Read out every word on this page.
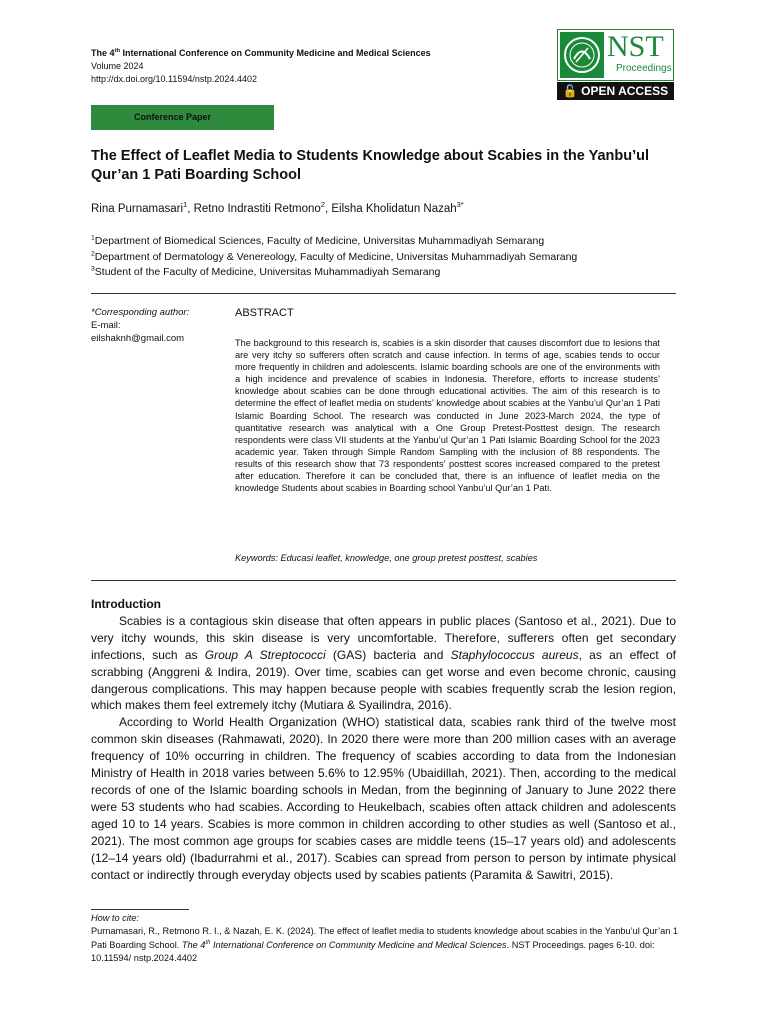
The 4th International Conference on Community Medicine and Medical Sciences
Volume 2024
http://dx.doi.org/10.11594/nstp.2024.4402
NST
Proceedings
🔓 OPEN ACCESS
Conference Paper
The Effect of Leaflet Media to Students Knowledge about Scabies in the Yanbu’ul Qur’an 1 Pati Boarding School
Rina Purnamasari$^1$, Retno Indrastiti Retmono$^2$, Eilsha Kholidatun Nazah$^{3*}$
$^1$Department of Biomedical Sciences, Faculty of Medicine, Universitas Muhammadiyah Semarang
$^2$Department of Dermatology & Venereology, Faculty of Medicine, Universitas Muhammadiyah Semarang
$^3$Student of the Faculty of Medicine, Universitas Muhammadiyah Semarang
*Corresponding author:
E-mail:
eilshaknh@gmail.com
ABSTRACT
The background to this research is, scabies is a skin disorder that causes discomfort due to lesions that are very itchy so sufferers often scratch and cause infection. In terms of age, scabies tends to occur more frequently in children and adolescents. Islamic boarding schools are one of the environments with a high incidence and prevalence of scabies in Indonesia. Therefore, efforts to increase students’ knowledge about scabies can be done through educational activities. The aim of this research is to determine the effect of leaflet media on students’ knowledge about scabies at the Yanbu’ul Qur’an 1 Pati Islamic Boarding School. The research was conducted in June 2023-March 2024, the type of quantitative research was analytical with a One Group Pretest-Posttest design. The research respondents were class VII students at the Yanbu’ul Qur’an 1 Pati Islamic Boarding School for the 2023 academic year. Taken through Simple Random Sampling with the inclusion of 88 respondents. The results of this research show that 73 respondents’ posttest scores increased compared to the pretest after education. Therefore it can be concluded that, there is an influence of leaflet media on the knowledge Students about scabies in Boarding school Yanbu’ul Qur’an 1 Pati.
Keywords: Educasi leaflet, knowledge, one group pretest posttest, scabies
Introduction

Scabies is a contagious skin disease that often appears in public places (Santoso et al., 2021). Due to very itchy wounds, this skin disease is very uncomfortable. Therefore, sufferers often get secondary infections, such as Group A Streptococci (GAS) bacteria and Staphylococcus aureus, as an effect of scrabbing (Anggreni & Indira, 2019). Over time, scabies can get worse and even become chronic, causing dangerous complications. This may happen because people with scabies frequently scrab the lesion region, which makes them feel extremely itchy (Mutiara & Syailindra, 2016).

According to World Health Organization (WHO) statistical data, scabies rank third of the twelve most common skin diseases (Rahmawati, 2020). In 2020 there were more than 200 million cases with an average frequency of 10% occurring in children. The frequency of scabies according to data from the Indonesian Ministry of Health in 2018 varies between 5.6% to 12.95% (Ubaidillah, 2021). Then, according to the medical records of one of the Islamic boarding schools in Medan, from the beginning of January to June 2022 there were 53 students who had scabies. According to Heukelbach, scabies often attack children and adolescents aged 10 to 14 years. Scabies is more common in children according to other studies as well (Santoso et al., 2021). The most common age groups for scabies cases are middle teens (15–17 years old) and adolescents (12–14 years old) (Ibadurrahmi et al., 2017). Scabies can spread from person to person by intimate physical contact or indirectly through everyday objects used by scabies patients (Paramita & Sawitri, 2015).

How to cite:
Purnamasari, R., Retmono R. I., & Nazah, E. K. (2024). The effect of leaflet media to students knowledge about scabies in the Yanbu’ul Qur’an 1 Pati Boarding School. The 4th International Conference on Community Medicine and Medical Sciences. NST Proceedings. pages 6-10. doi: 10.11594/ nstp.2024.4402
